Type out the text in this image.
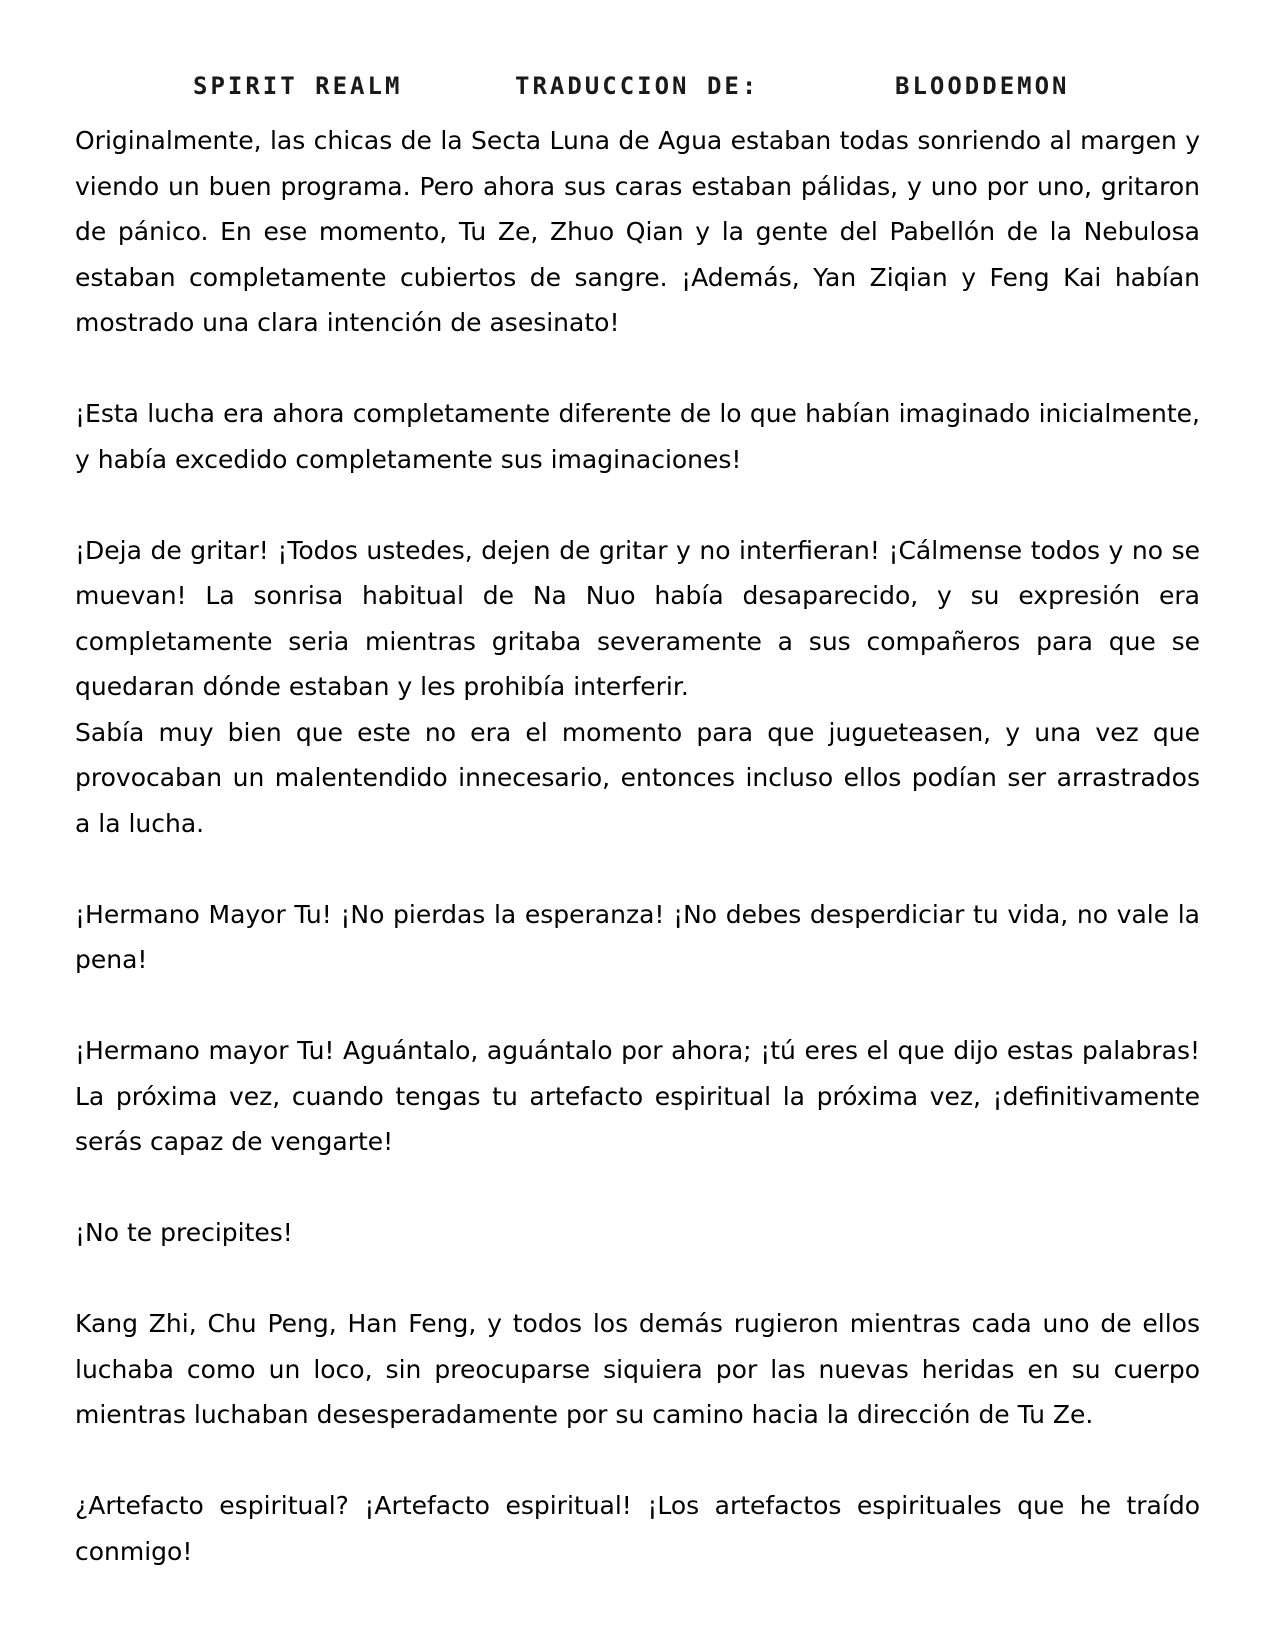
SPIRIT REALM	TRADUCCION DE:	BLOODDEMON

Originalmente, las chicas de la Secta Luna de Agua estaban todas sonriendo al margen y viendo un buen programa. Pero ahora sus caras estaban pálidas, y uno por uno, gritaron de pánico. En ese momento, Tu Ze, Zhuo Qian y la gente del Pabellón de la Nebulosa estaban completamente cubiertos de sangre. ¡Además, Yan Ziqian y Feng Kai habían mostrado una clara intención de asesinato!

¡Esta lucha era ahora completamente diferente de lo que habían imaginado inicialmente, y había excedido completamente sus imaginaciones!

¡Deja de gritar! ¡Todos ustedes, dejen de gritar y no interfieran! ¡Cálmense todos y no se muevan! La sonrisa habitual de Na Nuo había desaparecido, y su expresión era completamente seria mientras gritaba severamente a sus compañeros para que se quedaran dónde estaban y les prohibía interferir.

Sabía muy bien que este no era el momento para que jugueteasen, y una vez que provocaban un malentendido innecesario, entonces incluso ellos podían ser arrastrados a la lucha.

¡Hermano Mayor Tu! ¡No pierdas la esperanza! ¡No debes desperdiciar tu vida, no vale la pena!

¡Hermano mayor Tu! Aguántalo, aguántalo por ahora; ¡tú eres el que dijo estas palabras! La próxima vez, cuando tengas tu artefacto espiritual la próxima vez, ¡definitivamente serás capaz de vengarte!

¡No te precipites!

Kang Zhi, Chu Peng, Han Feng, y todos los demás rugieron mientras cada uno de ellos luchaba como un loco, sin preocuparse siquiera por las nuevas heridas en su cuerpo mientras luchaban desesperadamente por su camino hacia la dirección de Tu Ze.

¿Artefacto espiritual? ¡Artefacto espiritual! ¡Los artefactos espirituales que he traído conmigo!
